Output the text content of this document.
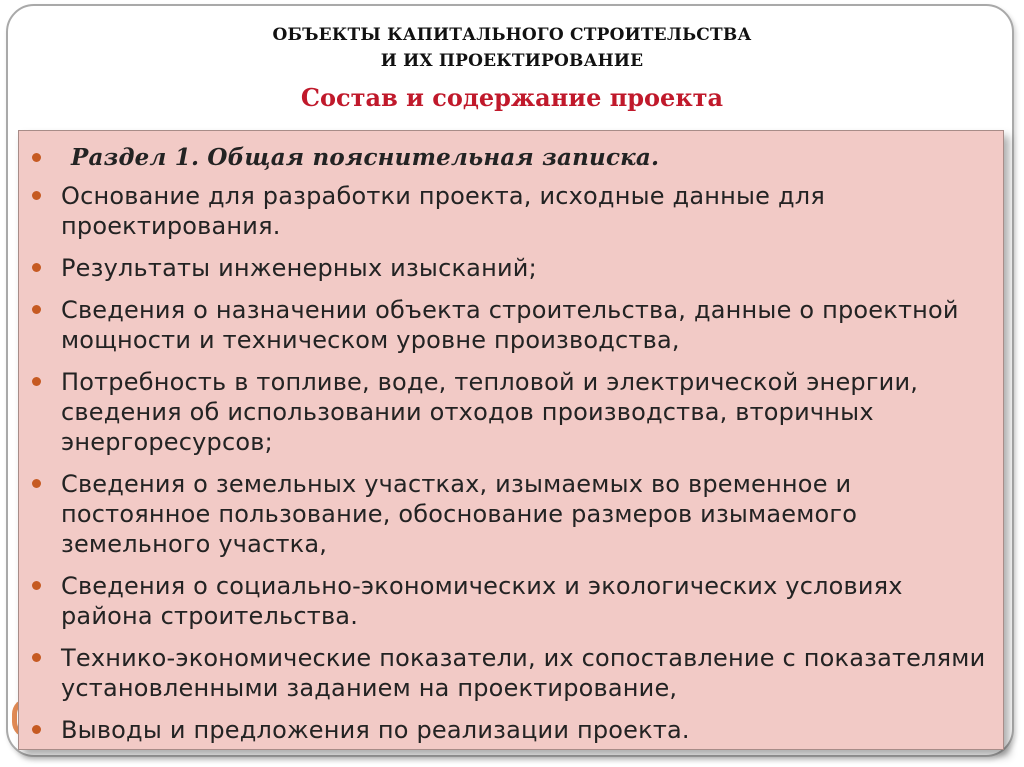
ОБЪЕКТЫ КАПИТАЛЬНОГО СТРОИТЕЛЬСТВА
И ИХ ПРОЕКТИРОВАНИЕ
Состав и содержание проекта
Раздел 1. Общая пояснительная записка.
Основание для разработки проекта, исходные данные для проектирования.
Результаты инженерных изысканий;
Сведения о назначении объекта строительства, данные о проектной мощности и техническом уровне производства,
Потребность в топливе, воде, тепловой и электрической энергии, сведения об использовании отходов производства, вторичных энергоресурсов;
Сведения о земельных участках, изымаемых во временное и постоянное пользование, обоснование размеров изымаемого земельного участка,
Сведения о социально-экономических и экологических условиях района строительства.
Технико-экономические показатели, их сопоставление с показателями установленными заданием на проектирование,
Выводы и предложения по реализации проекта.
